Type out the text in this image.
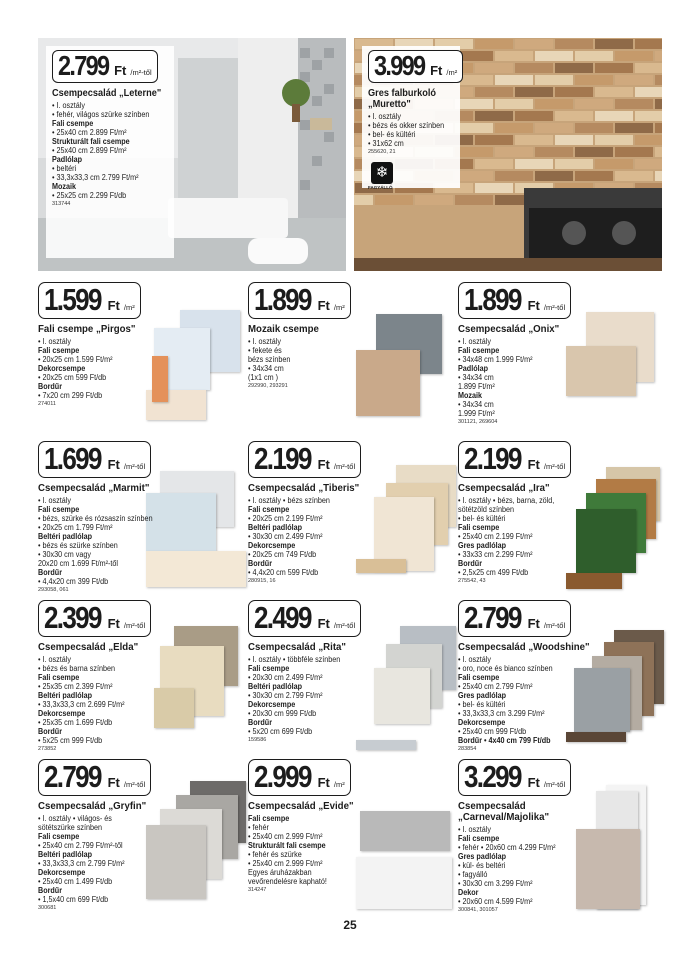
2.799 Ft /m²-től
Csempecsalád „Leterne"
• I. osztály
• fehér, világos szürke színben
Fali csempe
• 25x40 cm 2.899 Ft/m²
Strukturált fali csempe
• 25x40 cm 2.899 Ft/m²
Padlólap
• beltéri
• 33,3x33,3 cm 2.799 Ft/m²
Mozaik
• 25x25 cm 2.299 Ft/db
313744
3.999 Ft /m²
Gres falburkoló „Muretto"
• I. osztály
• bézs és okker színben
• bel- és kültéri
• 31x62 cm
255620, 21
❄
FAGYÁLLÓ
1.599 Ft /m²
Fali csempe „Pirgos"
• I. osztály
Fali csempe
• 20x25 cm 1.599 Ft/m²
Dekorcsempe
• 20x25 cm 599 Ft/db
Bordűr
• 7x20 cm 299 Ft/db
274011
1.899 Ft /m²
Mozaik csempe
• I. osztály
• fekete és
bézs színben
• 34x34 cm
(1x1 cm )
292990, 293291
1.899 Ft /m²-től
Csempecsalád „Onix"
• I. osztály
Fali csempe
• 34x48 cm 1.999 Ft/m²
Padlólap
• 34x34 cm
1.899 Ft/m²
Mozaik
• 34x34 cm
1.999 Ft/m²
301121, 269604
1.699 Ft /m²-től
Csempecsalád „Marmit"
• I. osztály
Fali csempe
• bézs, szürke és rózsaszín színben
• 20x25 cm 1.799 Ft/m²
Beltéri padlólap
• bézs és szürke színben
• 30x30 cm vagy
20x20 cm 1.699 Ft/m²-től
Bordűr
• 4,4x20 cm 399 Ft/db
293058, 061
2.199 Ft /m²-től
Csempecsalád „Tiberis"
• I. osztály • bézs színben
Fali csempe
• 20x25 cm 2.199 Ft/m²
Beltéri padlólap
• 30x30 cm 2.499 Ft/m²
Dekorcsempe
• 20x25 cm 749 Ft/db
Bordűr
• 4,4x20 cm 599 Ft/db
280915, 16
2.199 Ft /m²-től
Csempecsalád „Ira"
• I. osztály • bézs, barna, zöld,
sötétzöld színben
• bel- és kültéri
Fali csempe
• 25x40 cm 2.199 Ft/m²
Gres padlólap
• 33x33 cm 2.299 Ft/m²
Bordűr
• 2,5x25 cm 499 Ft/db
275542, 43
2.399 Ft /m²-től
Csempecsalád „Elda"
• I. osztály
• bézs és barna színben
Fali csempe
• 25x35 cm 2.399 Ft/m²
Beltéri padlólap
• 33,3x33,3 cm 2.699 Ft/m²
Dekorcsempe
• 25x35 cm 1.699 Ft/db
Bordűr
• 5x25 cm 999 Ft/db
273852
2.499 Ft /m²-től
Csempecsalád „Rita"
• I. osztály • többféle színben
Fali csempe
• 20x30 cm 2.499 Ft/m²
Beltéri padlólap
• 30x30 cm 2.799 Ft/m²
Dekorcsempe
• 20x30 cm 999 Ft/db
Bordűr
• 5x20 cm 699 Ft/db
159586
2.799 Ft /m²-től
Csempecsalád „Woodshine"
• I. osztály
• oro, noce és bianco színben
Fali csempe
• 25x40 cm 2.799 Ft/m²
Gres padlólap
• bel- és kültéri
• 33,3x33,3 cm 3.299 Ft/m²
Dekorcsempe
• 25x40 cm 999 Ft/db
Bordűr • 4x40 cm 799 Ft/db
283854
2.799 Ft /m²-től
Csempecsalád „Gryfin"
• I. osztály • világos- és
sötétszürke színben
Fali csempe
• 25x40 cm 2.799 Ft/m²-től
Beltéri padlólap
• 33,3x33,3 cm 2.799 Ft/m²
Dekorcsempe
• 25x40 cm 1.499 Ft/db
Bordűr
• 1,5x40 cm 699 Ft/db
300681
2.999 Ft /m²
Csempecsalád „Evide"
Fali csempe
• fehér
• 25x40 cm 2.999 Ft/m²
Strukturált fali csempe
• fehér és szürke
• 25x40 cm 2.999 Ft/m²
Egyes áruházakban
vevőrendelésre kapható!
314247
3.299 Ft /m²-től
Csempecsalád „Carneval/Majolika"
• I. osztály
Fali csempe
• fehér • 20x60 cm 4.299 Ft/m²
Gres padlólap
• kül- és beltéri
• fagyálló
• 30x30 cm 3.299 Ft/m²
Dekor
• 20x60 cm 4.599 Ft/m²
300841, 301057
25
